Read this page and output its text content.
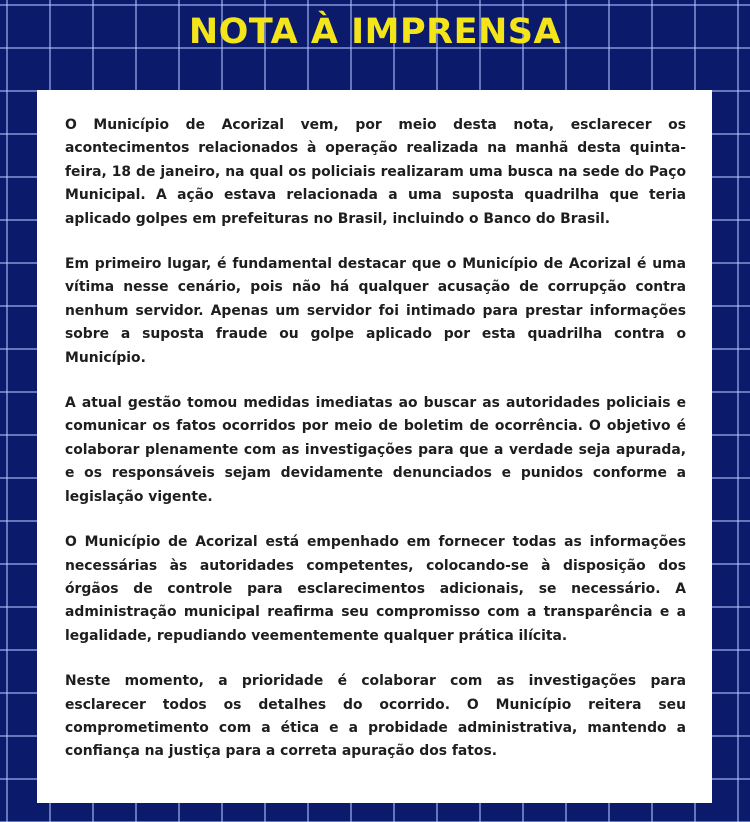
NOTA À IMPRENSA

O Município de Acorizal vem, por meio desta nota, esclarecer os acontecimentos relacionados à operação realizada na manhã desta quinta-feira, 18 de janeiro, na qual os policiais realizaram uma busca na sede do Paço Municipal. A ação estava relacionada a uma suposta quadrilha que teria aplicado golpes em prefeituras no Brasil, incluindo o Banco do Brasil.

Em primeiro lugar, é fundamental destacar que o Município de Acorizal é uma vítima nesse cenário, pois não há qualquer acusação de corrupção contra nenhum servidor. Apenas um servidor foi intimado para prestar informações sobre a suposta fraude ou golpe aplicado por esta quadrilha contra o Município.

A atual gestão tomou medidas imediatas ao buscar as autoridades policiais e comunicar os fatos ocorridos por meio de boletim de ocorrência. O objetivo é colaborar plenamente com as investigações para que a verdade seja apurada, e os responsáveis sejam devidamente denunciados e punidos conforme a legislação vigente.

O Município de Acorizal está empenhado em fornecer todas as informações necessárias às autoridades competentes, colocando-se à disposição dos órgãos de controle para esclarecimentos adicionais, se necessário. A administração municipal reafirma seu compromisso com a transparência e a legalidade, repudiando veementemente qualquer prática ilícita.

Neste momento, a prioridade é colaborar com as investigações para esclarecer todos os detalhes do ocorrido. O Município reitera seu comprometimento com a ética e a probidade administrativa, mantendo a confiança na justiça para a correta apuração dos fatos.
